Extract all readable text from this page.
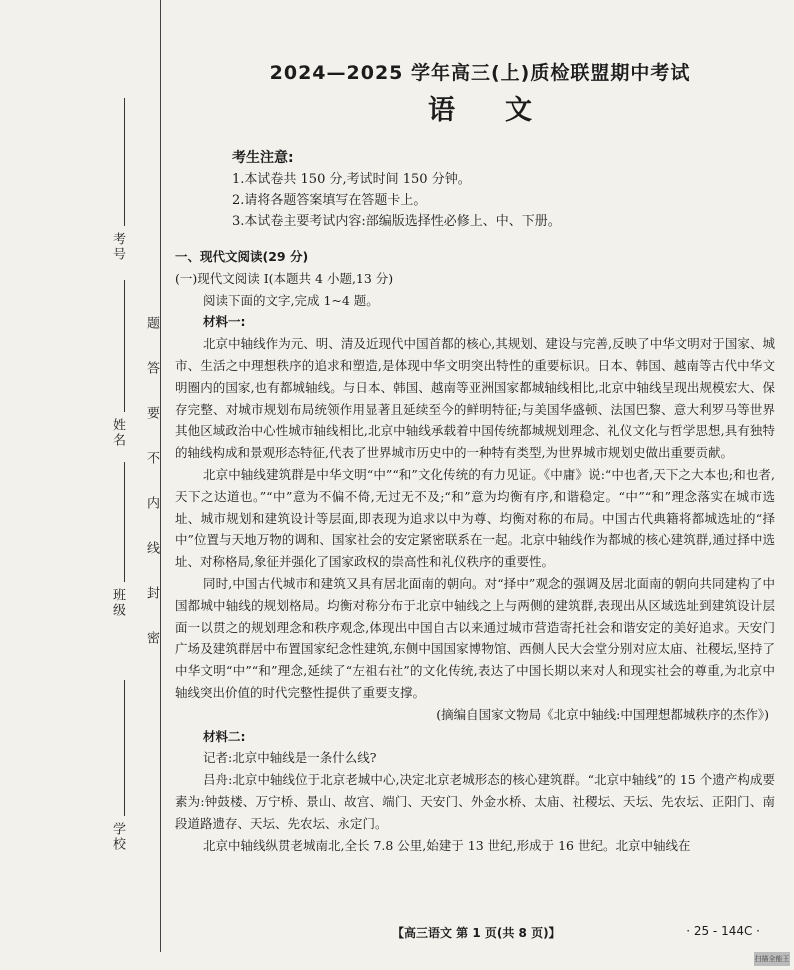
考号
姓名
班级
学校
题
答
要
不
内
线
封
密
2024—2025 学年高三(上)质检联盟期中考试
语文
考生注意:
1.本试卷共 150 分,考试时间 150 分钟。
2.请将各题答案填写在答题卡上。
3.本试卷主要考试内容:部编版选择性必修上、中、下册。

一、现代文阅读(29 分)

(一)现代文阅读 Ⅰ(本题共 4 小题,13 分)

阅读下面的文字,完成 1~4 题。

材料一:

北京中轴线作为元、明、清及近现代中国首都的核心,其规划、建设与完善,反映了中华文明对于国家、城市、生活之中理想秩序的追求和塑造,是体现中华文明突出特性的重要标识。日本、韩国、越南等古代中华文明圈内的国家,也有都城轴线。与日本、韩国、越南等亚洲国家都城轴线相比,北京中轴线呈现出规模宏大、保存完整、对城市规划布局统领作用显著且延续至今的鲜明特征;与美国华盛顿、法国巴黎、意大利罗马等世界其他区域政治中心性城市轴线相比,北京中轴线承载着中国传统都城规划理念、礼仪文化与哲学思想,具有独特的轴线构成和景观形态特征,代表了世界城市历史中的一种特有类型,为世界城市规划史做出重要贡献。

北京中轴线建筑群是中华文明“中”“和”文化传统的有力见证。《中庸》说:“中也者,天下之大本也;和也者,天下之达道也。”“中”意为不偏不倚,无过无不及;“和”意为均衡有序,和谐稳定。“中”“和”理念落实在城市选址、城市规划和建筑设计等层面,即表现为追求以中为尊、均衡对称的布局。中国古代典籍将都城选址的“择中”位置与天地万物的调和、国家社会的安定紧密联系在一起。北京中轴线作为都城的核心建筑群,通过择中选址、对称格局,象征并强化了国家政权的崇高性和礼仪秩序的重要性。

同时,中国古代城市和建筑又具有居北面南的朝向。对“择中”观念的强调及居北面南的朝向共同建构了中国都城中轴线的规划格局。均衡对称分布于北京中轴线之上与两侧的建筑群,表现出从区域选址到建筑设计层面一以贯之的规划理念和秩序观念,体现出中国自古以来通过城市营造寄托社会和谐安定的美好追求。天安门广场及建筑群居中布置国家纪念性建筑,东侧中国国家博物馆、西侧人民大会堂分别对应太庙、社稷坛,坚持了中华文明“中”“和”理念,延续了“左祖右社”的文化传统,表达了中国长期以来对人和现实社会的尊重,为北京中轴线突出价值的时代完整性提供了重要支撑。

(摘编自国家文物局《北京中轴线:中国理想都城秩序的杰作》)

材料二:

记者:北京中轴线是一条什么线?

吕舟:北京中轴线位于北京老城中心,决定北京老城形态的核心建筑群。“北京中轴线”的 15 个遗产构成要素为:钟鼓楼、万宁桥、景山、故宫、端门、天安门、外金水桥、太庙、社稷坛、天坛、先农坛、正阳门、南段道路遗存、天坛、先农坛、永定门。

北京中轴线纵贯老城南北,全长 7.8 公里,始建于 13 世纪,形成于 16 世纪。北京中轴线在

【高三语文 第 1 页(共 8 页)】	· 25 - 144C ·
扫描全能王
